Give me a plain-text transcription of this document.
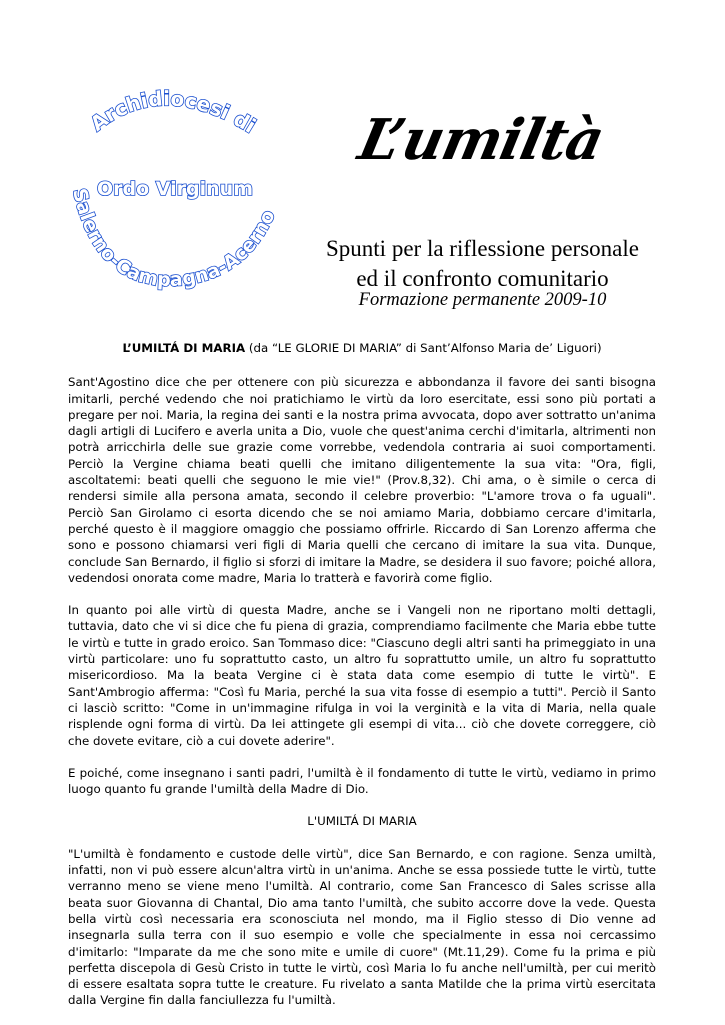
Archidiocesi di
Ordo Virginum
Salerno-Campagna-Acerno
L’umiltà
Spunti per la riflessione personale
ed il confronto comunitario
Formazione permanente 2009-10

L’UMILTÁ DI MARIA (da “LE GLORIE DI MARIA” di Sant’Alfonso Maria de’ Liguori)

Sant'Agostino dice che per ottenere con più sicurezza e abbondanza il favore dei santi bisogna imitarli, perché vedendo che noi pratichiamo le virtù da loro esercitate, essi sono più portati a pregare per noi. Maria, la regina dei santi e la nostra prima avvocata, dopo aver sottratto un'anima dagli artigli di Lucifero e averla unita a Dio, vuole che quest'anima cerchi d'imitarla, altrimenti non potrà arricchirla delle sue grazie come vorrebbe, vedendola contraria ai suoi comportamenti. Perciò la Vergine chiama beati quelli che imitano diligentemente la sua vita: "Ora, figli, ascoltatemi: beati quelli che seguono le mie vie!" (Prov.8,32). Chi ama, o è simile o cerca di rendersi simile alla persona amata, secondo il celebre proverbio: "L'amore trova o fa uguali". Perciò San Girolamo ci esorta dicendo che se noi amiamo Maria, dobbiamo cercare d'imitarla, perché questo è il maggiore omaggio che possiamo offrirle. Riccardo di San Lorenzo afferma che sono e possono chiamarsi veri figli di Maria quelli che cercano di imitare la sua vita. Dunque, conclude San Bernardo, il figlio si sforzi di imitare la Madre, se desidera il suo favore; poiché allora, vedendosi onorata come madre, Maria lo tratterà e favorirà come figlio.

In quanto poi alle virtù di questa Madre, anche se i Vangeli non ne riportano molti dettagli, tuttavia, dato che vi si dice che fu piena di grazia, comprendiamo facilmente che Maria ebbe tutte le virtù e tutte in grado eroico. San Tommaso dice: "Ciascuno degli altri santi ha primeggiato in una virtù particolare: uno fu soprattutto casto, un altro fu soprattutto umile, un altro fu soprattutto misericordioso. Ma la beata Vergine ci è stata data come esempio di tutte le virtù". E Sant'Ambrogio afferma: "Così fu Maria, perché la sua vita fosse di esempio a tutti". Perciò il Santo ci lasciò scritto: "Come in un'immagine rifulga in voi la verginità e la vita di Maria, nella quale risplende ogni forma di virtù. Da lei attingete gli esempi di vita... ciò che dovete correggere, ciò che dovete evitare, ciò a cui dovete aderire".

E poiché, come insegnano i santi padri, l'umiltà è il fondamento di tutte le virtù, vediamo in primo luogo quanto fu grande l'umiltà della Madre di Dio.

L'UMILTÁ DI MARIA

"L'umiltà è fondamento e custode delle virtù", dice San Bernardo, e con ragione. Senza umiltà, infatti, non vi può essere alcun'altra virtù in un'anima. Anche se essa possiede tutte le virtù, tutte verranno meno se viene meno l'umiltà. Al contrario, come San Francesco di Sales scrisse alla beata suor Giovanna di Chantal, Dio ama tanto l'umiltà, che subito accorre dove la vede. Questa bella virtù così necessaria era sconosciuta nel mondo, ma il Figlio stesso di Dio venne ad insegnarla sulla terra con il suo esempio e volle che specialmente in essa noi cercassimo d'imitarlo: "Imparate da me che sono mite e umile di cuore" (Mt.11,29). Come fu la prima e più perfetta discepola di Gesù Cristo in tutte le virtù, così Maria lo fu anche nell'umiltà, per cui meritò di essere esaltata sopra tutte le creature. Fu rivelato a santa Matilde che la prima virtù esercitata dalla Vergine fin dalla fanciullezza fu l'umiltà.
